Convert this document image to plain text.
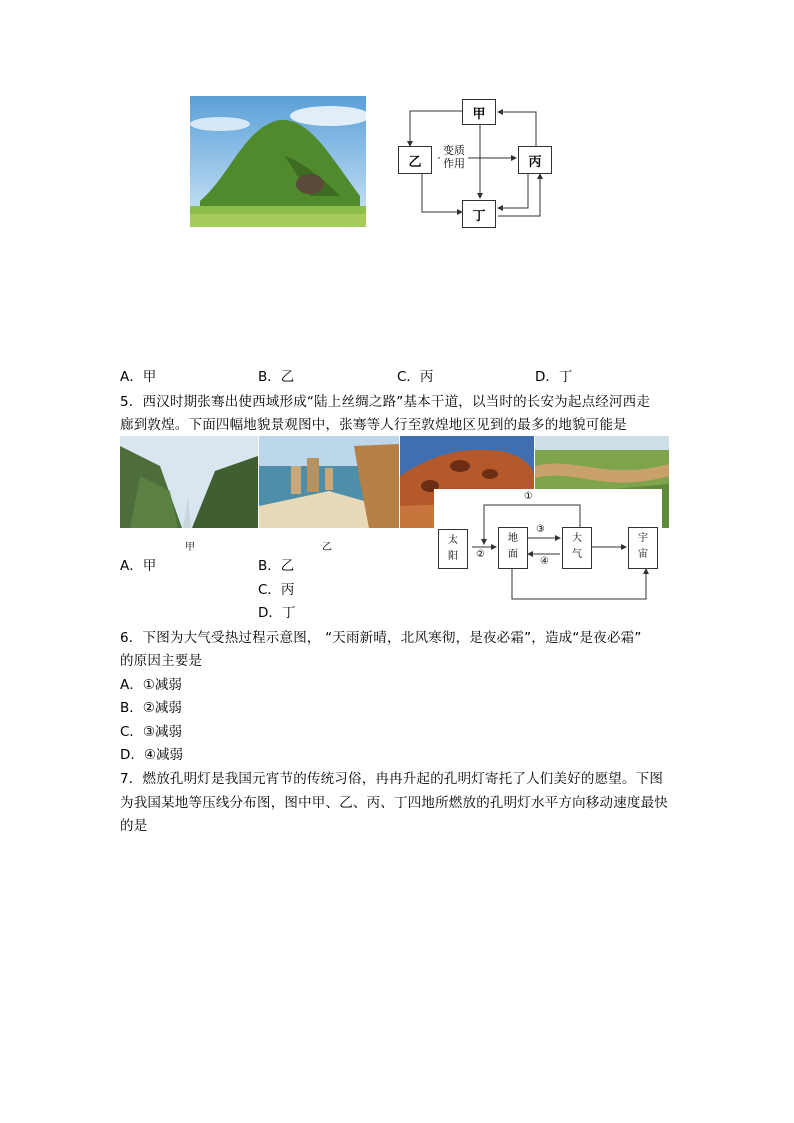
甲
乙	丙
丁
变质
作用
A．甲	B．乙	C．丙	D．丁
5．西汉时期张骞出使西域形成“陆上丝绸之路”基本干道，以当时的长安为起点经河西走
廊到敦煌。下面四幅地貌景观图中，张骞等人行至敦煌地区见到的最多的地貌可能是
太
阳
地
面
大
气
宇
宙
①
②
③
④
甲	乙
A．甲	B．乙
C．丙
D．丁
6．下图为大气受热过程示意图， “天雨新晴，北风寒彻，是夜必霜”，造成“是夜必霜”
的原因主要是
A．①减弱
B．②减弱
C．③减弱
D．④减弱
7．燃放孔明灯是我国元宵节的传统习俗，冉冉升起的孔明灯寄托了人们美好的愿望。下图
为我国某地等压线分布图，图中甲、乙、丙、丁四地所燃放的孔明灯水平方向移动速度最快
的是
